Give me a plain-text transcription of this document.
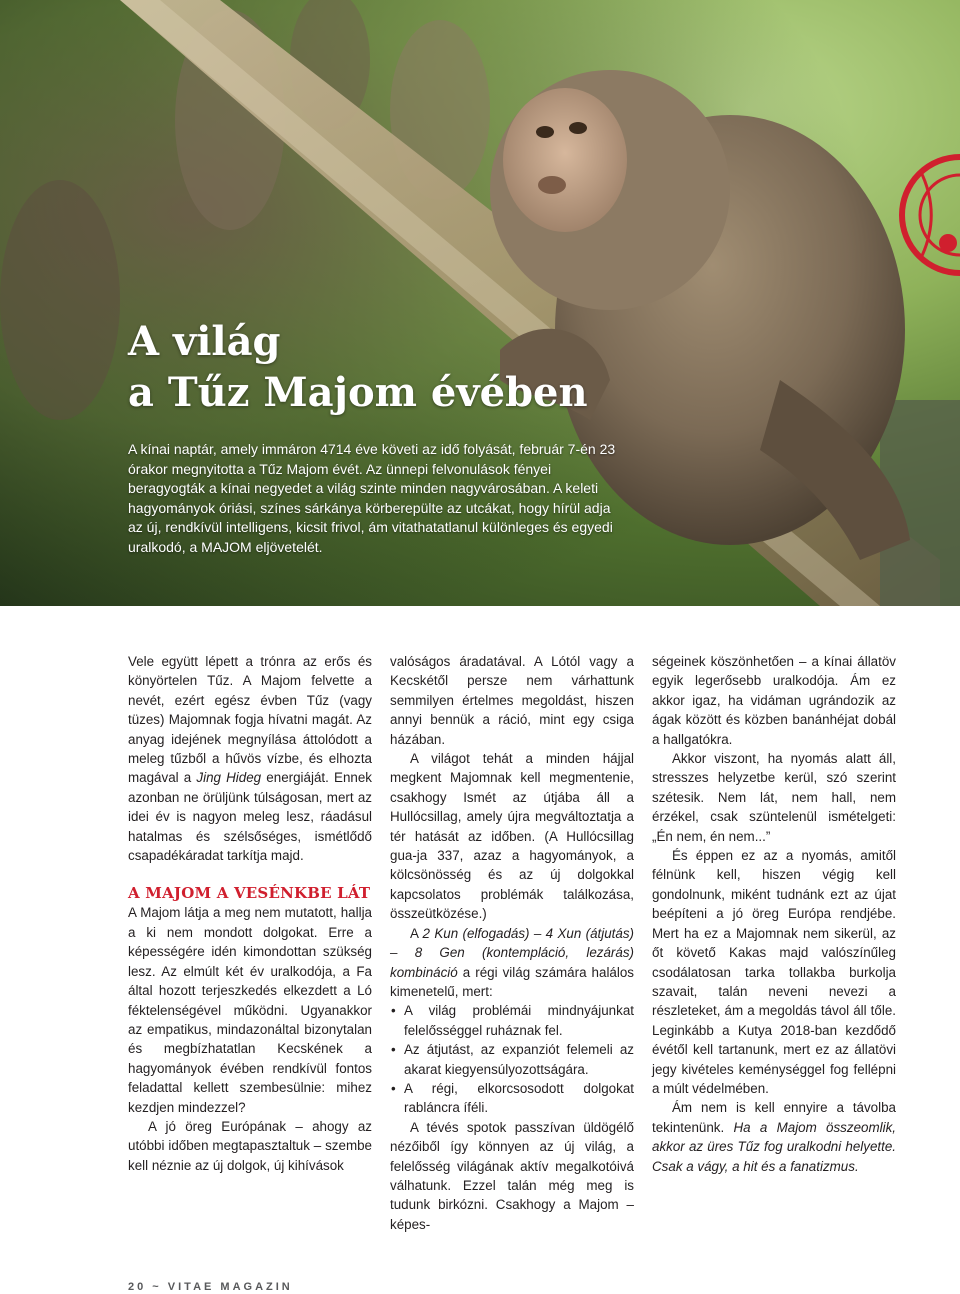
A világ
a Tűz Majom évében

A kínai naptár, amely immáron 4714 éve követi az idő folyását, február 7-én 23 órakor megnyitotta a Tűz Majom évét. Az ünnepi felvonulások fényei beragyogták a kínai negyedet a világ szinte minden nagyvárosában. A keleti hagyományok óriási, színes sárkánya körberepülte az utcákat, hogy hírül adja az új, rendkívül intelligens, kicsit frivol, ám vitathatatlanul különleges és egyedi uralkodó, a MAJOM eljövetelét.

Vele együtt lépett a trónra az erős és könyörtelen Tűz. A Majom felvette a nevét, ezért egész évben Tűz (vagy tüzes) Majomnak fogja hívatni magát. Az anyag idejének megnyílása áttolódott a meleg tűzből a hűvös vízbe, és elhozta magával a Jing Hideg energiáját. Ennek azonban ne örüljünk túlságosan, mert az idei év is nagyon meleg lesz, ráadásul hatalmas és szélsőséges, ismétlődő csapadékáradat tarkítja majd.

A MAJOM A VESÉNKBE LÁT

A Majom látja a meg nem mutatott, hallja a ki nem mondott dolgokat. Erre a képességére idén kimondottan szükség lesz. Az elmúlt két év uralkodója, a Fa által hozott terjeszkedés elkezdett a Ló féktelenségével működni. Ugyanakkor az empatikus, mindazonáltal bizonytalan és megbízhatatlan Kecskének a hagyományok évében rendkívül fontos feladattal kellett szembesülnie: mihez kezdjen mindezzel?

A jó öreg Európának – ahogy az utóbbi időben megtapasztaltuk – szembe kell néznie az új dolgok, új kihívások

valóságos áradatával. A Lótól vagy a Kecskétől persze nem várhattunk semmilyen értelmes megoldást, hiszen annyi bennük a ráció, mint egy csiga házában.

A világot tehát a minden hájjal megkent Majomnak kell megmentenie, csakhogy Ismét az útjába áll a Hullócsillag, amely újra megváltoztatja a tér hatását az időben. (A Hullócsillag gua-ja 337, azaz a hagyományok, a kölcsönösség és az új dolgokkal kapcsolatos problémák találkozása, összeütközése.)

A 2 Kun (elfogadás) – 4 Xun (átjutás) – 8 Gen (kontempláció, lezárás) kombináció a régi világ számára halálos kimenetelű, mert:

• A világ problémái mindnyájunkat felelősséggel ruháznak fel.
• Az átjutást, az expanziót felemeli az akarat kiegyensúlyozottságára.
• A régi, elkorcsosodott dolgokat rabláncra íféli.

A tévés spotok passzívan üldögélő nézőiből így könnyen az új világ, a felelősség világának aktív megalkotóivá válhatunk. Ezzel talán még meg is tudunk birkózni. Csakhogy a Majom – képes-

ségeinek köszönhetően – a kínai állatöv egyik legerősebb uralkodója. Ám ez akkor igaz, ha vidáman ugrándozik az ágak között és közben banánhéjat dobál a hallgatókra.

Akkor viszont, ha nyomás alatt áll, stresszes helyzetbe kerül, szó szerint szétesik. Nem lát, nem hall, nem érzékel, csak szüntelenül ismételgeti: „Én nem, én nem...”

És éppen ez az a nyomás, amitől félnünk kell, hiszen végig kell gondolnunk, miként tudnánk ezt az újat beépíteni a jó öreg Európa rendjébe. Mert ha ez a Majomnak nem sikerül, az őt követő Kakas majd valószínűleg csodálatosan tarka tollakba burkolja szavait, talán neveni nevezi a részleteket, ám a megoldás távol áll tőle. Leginkább a Kutya 2018-ban kezdődő évétől kell tartanunk, mert ez az állatövi jegy kivételes keménységgel fog fellépni a múlt védelmében.

Ám nem is kell ennyire a távolba tekintenünk. Ha a Majom összeomlik, akkor az üres Tűz fog uralkodni helyette. Csak a vágy, a hit és a fanatizmus.

20 ~ VITAE MAGAZIN
